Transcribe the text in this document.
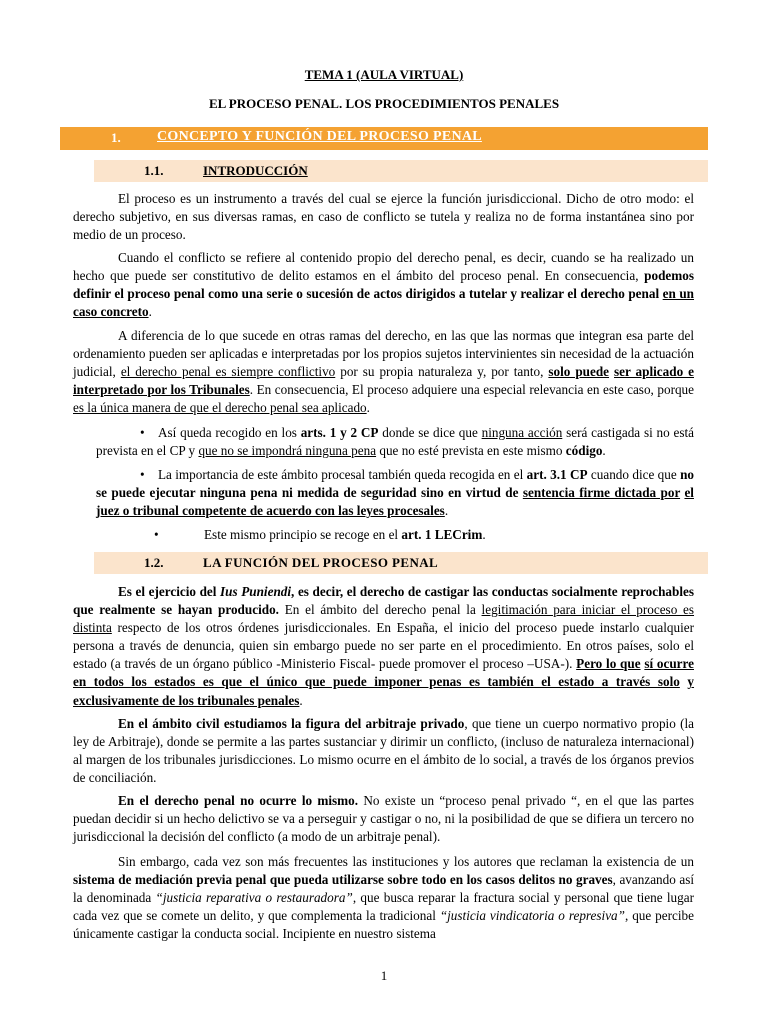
TEMA 1 (AULA VIRTUAL)
EL PROCESO PENAL. LOS PROCEDIMIENTOS PENALES
1.	CONCEPTO Y FUNCIÓN DEL PROCESO PENAL
1.1.	INTRODUCCIÓN

El proceso es un instrumento a través del cual se ejerce la función jurisdiccional. Dicho de otro modo: el derecho subjetivo, en sus diversas ramas, en caso de conflicto se tutela y realiza no de forma instantánea sino por medio de un proceso.

Cuando el conflicto se refiere al contenido propio del derecho penal, es decir, cuando se ha realizado un hecho que puede ser constitutivo de delito estamos en el ámbito del proceso penal. En consecuencia, podemos definir el proceso penal como una serie o sucesión de actos dirigidos a tutelar y realizar el derecho penal en un caso concreto.

A diferencia de lo que sucede en otras ramas del derecho, en las que las normas que integran esa parte del ordenamiento pueden ser aplicadas e interpretadas por los propios sujetos intervinientes sin necesidad de la actuación judicial, el derecho penal es siempre conflictivo por su propia naturaleza y, por tanto, solo puede ser aplicado e interpretado por los Tribunales. En consecuencia, El proceso adquiere una especial relevancia en este caso, porque es la única manera de que el derecho penal sea aplicado.

• Así queda recogido en los arts. 1 y 2 CP donde se dice que ninguna acción será castigada si no está prevista en el CP y que no se impondrá ninguna pena que no esté prevista en este mismo código.

• La importancia de este ámbito procesal también queda recogida en el art. 3.1 CP cuando dice que no se puede ejecutar ninguna pena ni medida de seguridad sino en virtud de sentencia firme dictada por el juez o tribunal competente de acuerdo con las leyes procesales.

•	Este mismo principio se recoge en el art. 1 LECrim.

1.2.	LA FUNCIÓN DEL PROCESO PENAL

Es el ejercicio del Ius Puniendi, es decir, el derecho de castigar las conductas socialmente reprochables que realmente se hayan producido. En el ámbito del derecho penal la legitimación para iniciar el proceso es distinta respecto de los otros órdenes jurisdiccionales. En España, el inicio del proceso puede instarlo cualquier persona a través de denuncia, quien sin embargo puede no ser parte en el procedimiento. En otros países, solo el estado (a través de un órgano público -Ministerio Fiscal- puede promover el proceso –USA-). Pero lo que sí ocurre en todos los estados es que el único que puede imponer penas es también el estado a través solo y exclusivamente de los tribunales penales.

En el ámbito civil estudiamos la figura del arbitraje privado, que tiene un cuerpo normativo propio (la ley de Arbitraje), donde se permite a las partes sustanciar y dirimir un conflicto, (incluso de naturaleza internacional) al margen de los tribunales jurisdicciones. Lo mismo ocurre en el ámbito de lo social, a través de los órganos previos de conciliación.

En el derecho penal no ocurre lo mismo. No existe un “proceso penal privado “, en el que las partes puedan decidir si un hecho delictivo se va a perseguir y castigar o no, ni la posibilidad de que se difiera un tercero no jurisdiccional la decisión del conflicto (a modo de un arbitraje penal).

Sin embargo, cada vez son más frecuentes las instituciones y los autores que reclaman la existencia de un sistema de mediación previa penal que pueda utilizarse sobre todo en los casos delitos no graves, avanzando así la denominada “justicia reparativa o restauradora”, que busca reparar la fractura social y personal que tiene lugar cada vez que se comete un delito, y que complementa la tradicional “justicia vindicatoria o represiva”, que percibe únicamente castigar la conducta social. Incipiente en nuestro sistema

1
